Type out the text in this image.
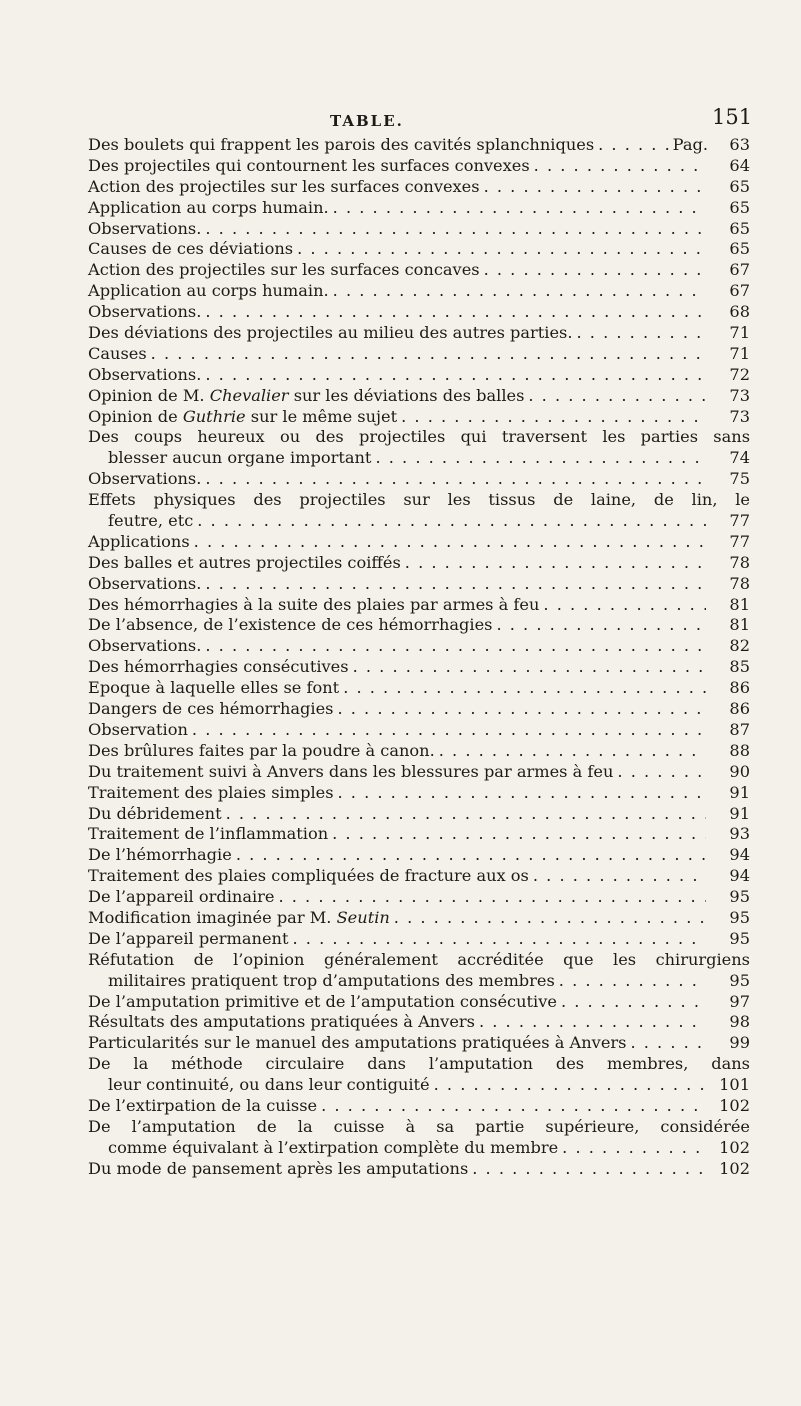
TABLE.	151
Des boulets qui frappent les parois des cavités splanchniques . . .	Pag.	63
Des projectiles qui contournent les surfaces convexes . . .	64
Action des projectiles sur les surfaces convexes . . .	65
Application au corps humain. . . .	65
Observations. . . .	65
Causes de ces déviations . . .	65
Action des projectiles sur les surfaces concaves . . .	67
Application au corps humain. . . .	67
Observations. . . .	68
Des déviations des projectiles au milieu des autres parties. . . .	71
Causes . . .	71
Observations. . . .	72
Opinion de M. Chevalier sur les déviations des balles . . .	73
Opinion de Guthrie sur le même sujet . . .	73
Des coups heureux ou des projectiles qui traversent les parties sans
blesser aucun organe important . . .	74
Observations. . . .	75
Effets physiques des projectiles sur les tissus de laine, de lin, le
feutre, etc . . .	77
Applications . . .	77
Des balles et autres projectiles coiffés . . .	78
Observations. . . .	78
Des hémorrhagies à la suite des plaies par armes à feu . . .	81
De l’absence, de l’existence de ces hémorrhagies . . .	81
Observations. . . .	82
Des hémorrhagies consécutives . . .	85
Epoque à laquelle elles se font . . .	86
Dangers de ces hémorrhagies . . .	86
Observation . . .	87
Des brûlures faites par la poudre à canon. . . .	88
Du traitement suivi à Anvers dans les blessures par armes à feu . . .	90
Traitement des plaies simples . . .	91
Du débridement . . .	91
Traitement de l’inflammation . . .	93
De l’hémorrhagie . . .	94
Traitement des plaies compliquées de fracture aux os . . .	94
De l’appareil ordinaire . . .	95
Modification imaginée par M. Seutin . . .	95
De l’appareil permanent . . .	95
Réfutation de l’opinion généralement accréditée que les chirurgiens
militaires pratiquent trop d’amputations des membres . . .	95
De l’amputation primitive et de l’amputation consécutive . . .	97
Résultats des amputations pratiquées à Anvers . . .	98
Particularités sur le manuel des amputations pratiquées à Anvers . . .	99
De la méthode circulaire dans l’amputation des membres, dans
leur continuité, ou dans leur contiguité . . .	101
De l’extirpation de la cuisse . . .	102
De l’amputation de la cuisse à sa partie supérieure, considérée
comme équivalant à l’extirpation complète du membre . . .	102
Du mode de pansement après les amputations . . .	102
